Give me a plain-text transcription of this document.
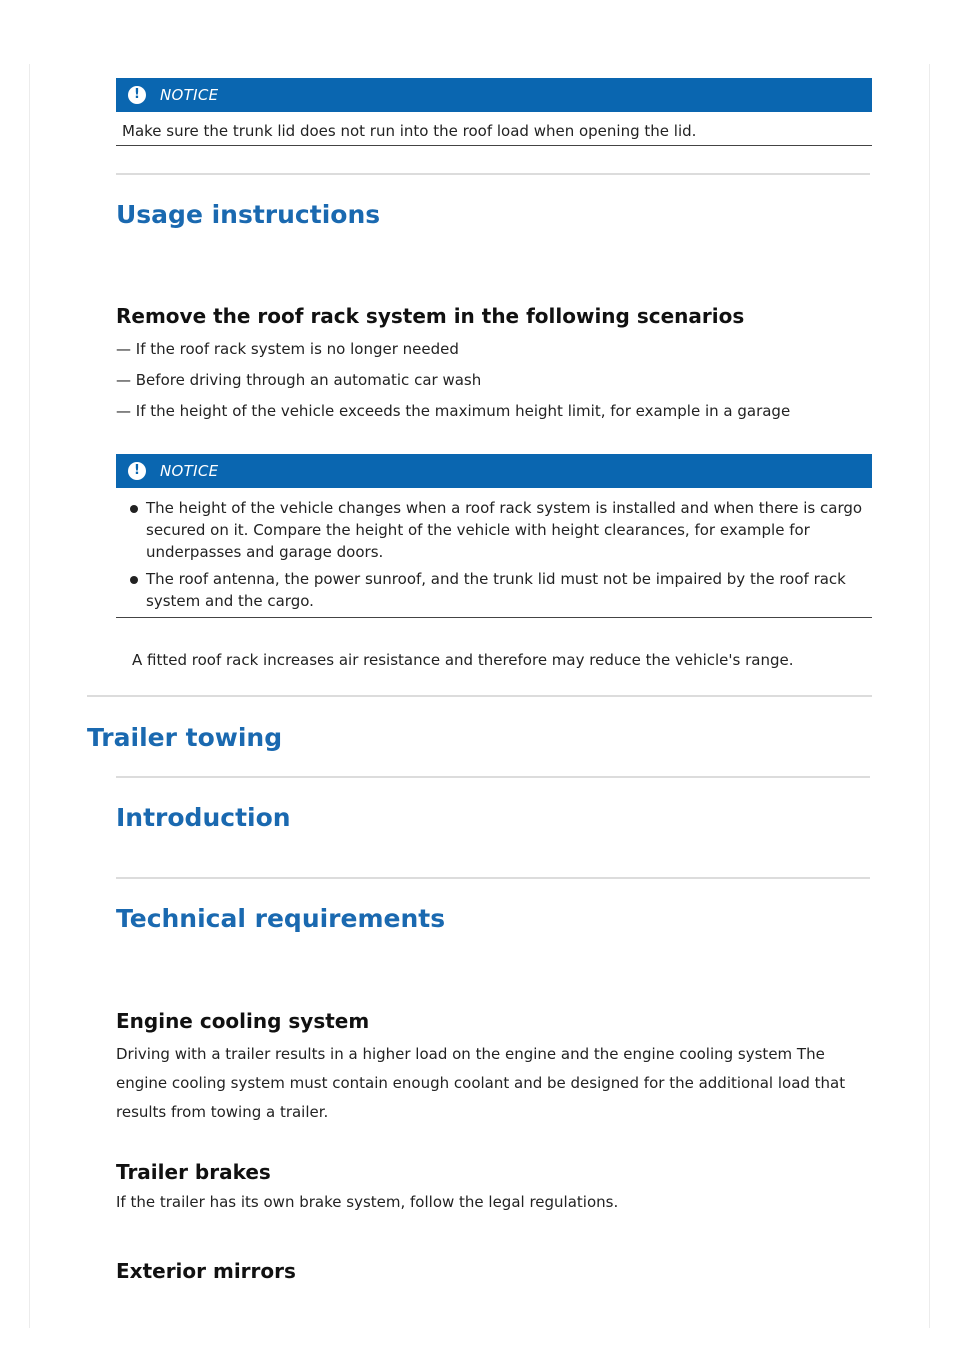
!	NOTICE
Make sure the trunk lid does not run into the roof load when opening the lid.
Usage instructions
Remove the roof rack system in the following scenarios
— If the roof rack system is no longer needed
— Before driving through an automatic car wash
— If the height of the vehicle exceeds the maximum height limit, for example in a garage
!	NOTICE
The height of the vehicle changes when a roof rack system is installed and when there is cargo secured on it. Compare the height of the vehicle with height clearances, for example for underpasses and garage doors.
The roof antenna, the power sunroof, and the trunk lid must not be impaired by the roof rack system and the cargo.
A fitted roof rack increases air resistance and therefore may reduce the vehicle's range.
Trailer towing
Introduction
Technical requirements
Engine cooling system
Driving with a trailer results in a higher load on the engine and the engine cooling system The engine cooling system must contain enough coolant and be designed for the additional load that results from towing a trailer.
Trailer brakes
If the trailer has its own brake system, follow the legal regulations.
Exterior mirrors
